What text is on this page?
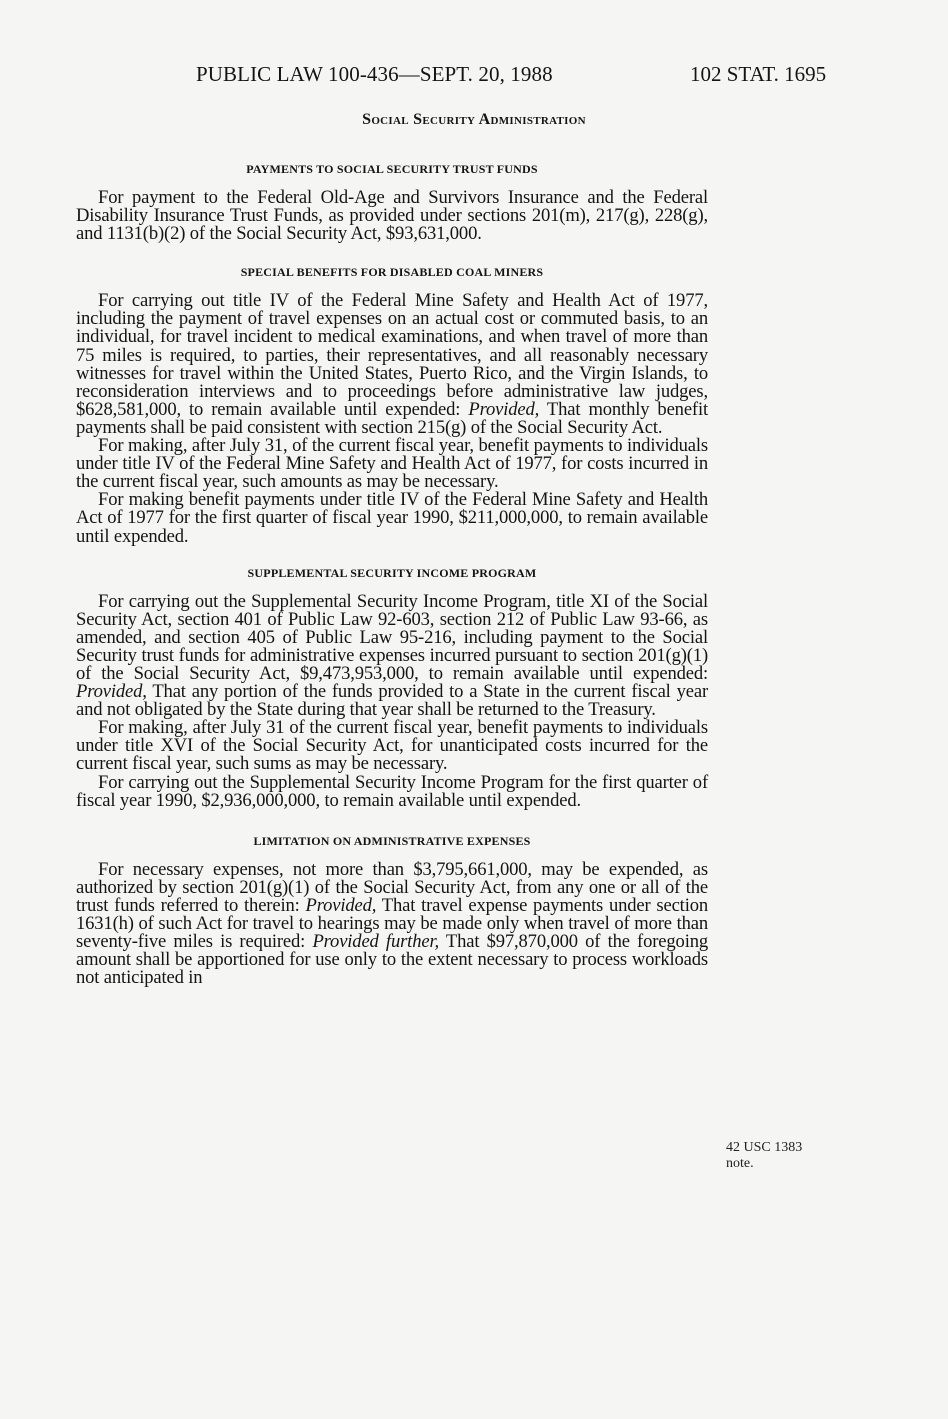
PUBLIC LAW 100-436—SEPT. 20, 1988	102 STAT. 1695
Social Security Administration
PAYMENTS TO SOCIAL SECURITY TRUST FUNDS

For payment to the Federal Old-Age and Survivors Insurance and the Federal Disability Insurance Trust Funds, as provided under sections 201(m), 217(g), 228(g), and 1131(b)(2) of the Social Security Act, $93,631,000.

SPECIAL BENEFITS FOR DISABLED COAL MINERS

For carrying out title IV of the Federal Mine Safety and Health Act of 1977, including the payment of travel expenses on an actual cost or commuted basis, to an individual, for travel incident to medical examinations, and when travel of more than 75 miles is required, to parties, their representatives, and all reasonably necessary witnesses for travel within the United States, Puerto Rico, and the Virgin Islands, to reconsideration interviews and to proceedings before administrative law judges, $628,581,000, to remain available until expended: Provided, That monthly benefit payments shall be paid consistent with section 215(g) of the Social Security Act.

For making, after July 31, of the current fiscal year, benefit payments to individuals under title IV of the Federal Mine Safety and Health Act of 1977, for costs incurred in the current fiscal year, such amounts as may be necessary.

For making benefit payments under title IV of the Federal Mine Safety and Health Act of 1977 for the first quarter of fiscal year 1990, $211,000,000, to remain available until expended.

SUPPLEMENTAL SECURITY INCOME PROGRAM

For carrying out the Supplemental Security Income Program, title XI of the Social Security Act, section 401 of Public Law 92-603, section 212 of Public Law 93-66, as amended, and section 405 of Public Law 95-216, including payment to the Social Security trust funds for administrative expenses incurred pursuant to section 201(g)(1) of the Social Security Act, $9,473,953,000, to remain available until expended: Provided, That any portion of the funds provided to a State in the current fiscal year and not obligated by the State during that year shall be returned to the Treasury.

For making, after July 31 of the current fiscal year, benefit payments to individuals under title XVI of the Social Security Act, for unanticipated costs incurred for the current fiscal year, such sums as may be necessary.

For carrying out the Supplemental Security Income Program for the first quarter of fiscal year 1990, $2,936,000,000, to remain available until expended.

LIMITATION ON ADMINISTRATIVE EXPENSES

For necessary expenses, not more than $3,795,661,000, may be expended, as authorized by section 201(g)(1) of the Social Security Act, from any one or all of the trust funds referred to therein: Provided, That travel expense payments under section 1631(h) of such Act for travel to hearings may be made only when travel of more than seventy-five miles is required: Provided further, That $97,870,000 of the foregoing amount shall be apportioned for use only to the extent necessary to process workloads not anticipated in

42 USC 1383
note.
